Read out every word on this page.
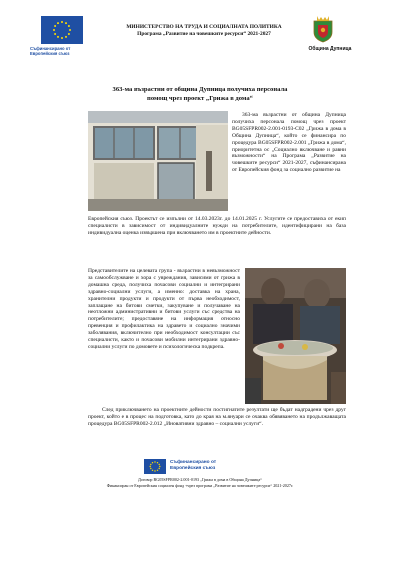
Съфинансирано от
Европейския съюз
МИНИСТЕРСТВО НА ТРУДА И СОЦИАЛНАТА ПОЛИТИКА
Програма „Развитие на човешките ресурси“ 2021-2027
Община Дупница
363-ма възрастни от община Дупница получиха персонала
помощ чрез проект „Грижа в дома“
363-ма възрастни от община Дупница получиха персонала помощ чрез проект BG05SFPR002-2.001-0193-C02 „Грижа в дома в Община Дупница“, който се финансира по процедура BG05SFPR002-2.001 „Грижа в дома“, приоритетна ос „Социално включване и равни възможности“ на Програма „Развитие на човешките ресурси“ 2021-2027, съфинансирана от Европейския фонд за социално развитие на
Европейския съюз. Проектът се изпълни от 14.03.2023г. до 14.01.2025 г. Услугите се предоставиха от екип специалисти в зависимост от индивидуалните нужди на потребителите, идентифицирани на база индивидуална оценка извършена при включването им в проектните дейности.
Представителите на целевата група - възрастни в невъзможност за самообслужване и хора с увреждания, зависими от грижа в домашна среда, получиха почасови социални и интегрирани здравно-социални услуги, а именно: доставка на храна, хранителни продукти и продукти от първа необходимост, заплащане на битови сметки, закупуване и получаване на неотложни административни и битови услуги със средства на потребителите; предоставяне на информация относно превенция и профилактика на здравето и социално значими заболявания, включително при необходимост консултации със специалисти, както и почасови мобилни интегрирани здравно-социални услуги по домовете и психологическа подкрепа.
След приключването на проектните дейности постигнатите резултати ще бъдат надградени чрез друг проект, който е в процес на подготовка, като до края на м.януари се очаква обявяването на продължаващата процедура BG05SFPR002-2.012 „Иновативни здравно – социални услуги“.
Съфинансирано от
Европейския съюз
Договор BG05SFPR002-2.001-0193 „Грижа в дома в Община Дупница“
Финансиран от Европейския социален фонд +чрез програма „Развитие на човешките ресурси“ 2021-2027г.
